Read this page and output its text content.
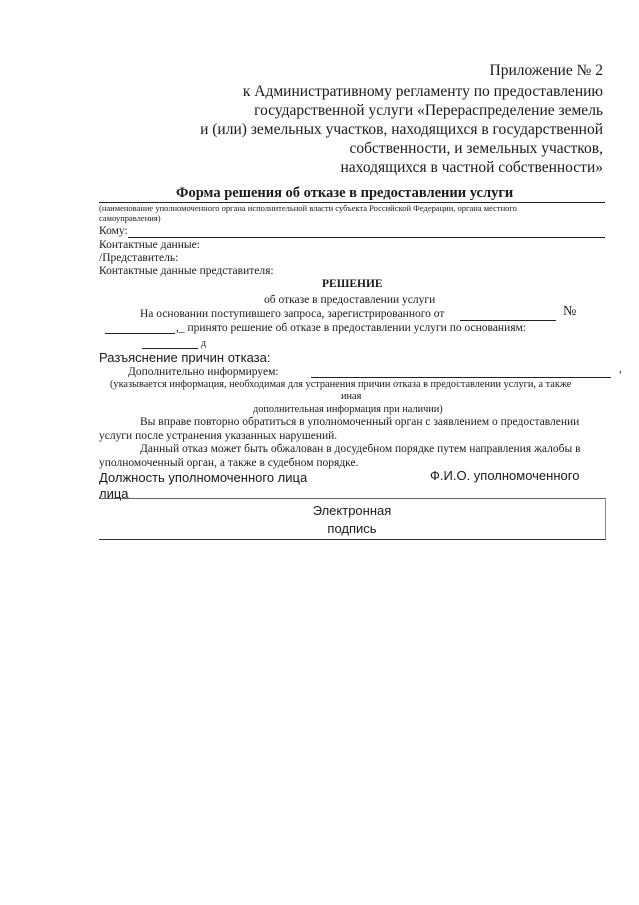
Приложение № 2
к Административному регламенту по предоставлению
государственной услуги «Перераспределение земель
и (или) земельных участков, находящихся в государственной
собственности, и земельных участков,
находящихся в частной собственности»
Форма решения об отказе в предоставлении услуги
(наименование уполномоченного органа исполнительной власти субъекта Российской Федерации, органа местного
самоуправления)
Кому:
Контактные данные:
/Представитель:
Контактные данные представителя:
РЕШЕНИЕ
об отказе в предоставлении услуги
На основании поступившего запроса, зарегистрированного от	№
,_ принято решение об отказе в предоставлении услуги по основаниям:
д
Разъяснение причин отказа:
Дополнительно информируем:	,
(указывается информация, необходимая для устранения причин отказа в предоставлении услуги, а также
иная
дополнительная информация при наличии)
Вы вправе повторно обратиться в уполномоченный орган с заявлением о предоставлении
услуги после устранения указанных нарушений.
Данный отказ может быть обжалован в досудебном порядке путем направления жалобы в
уполномоченный орган, а также в судебном порядке.
Должность уполномоченного лица	Ф.И.О. уполномоченного
лица
Электронная
подпись
